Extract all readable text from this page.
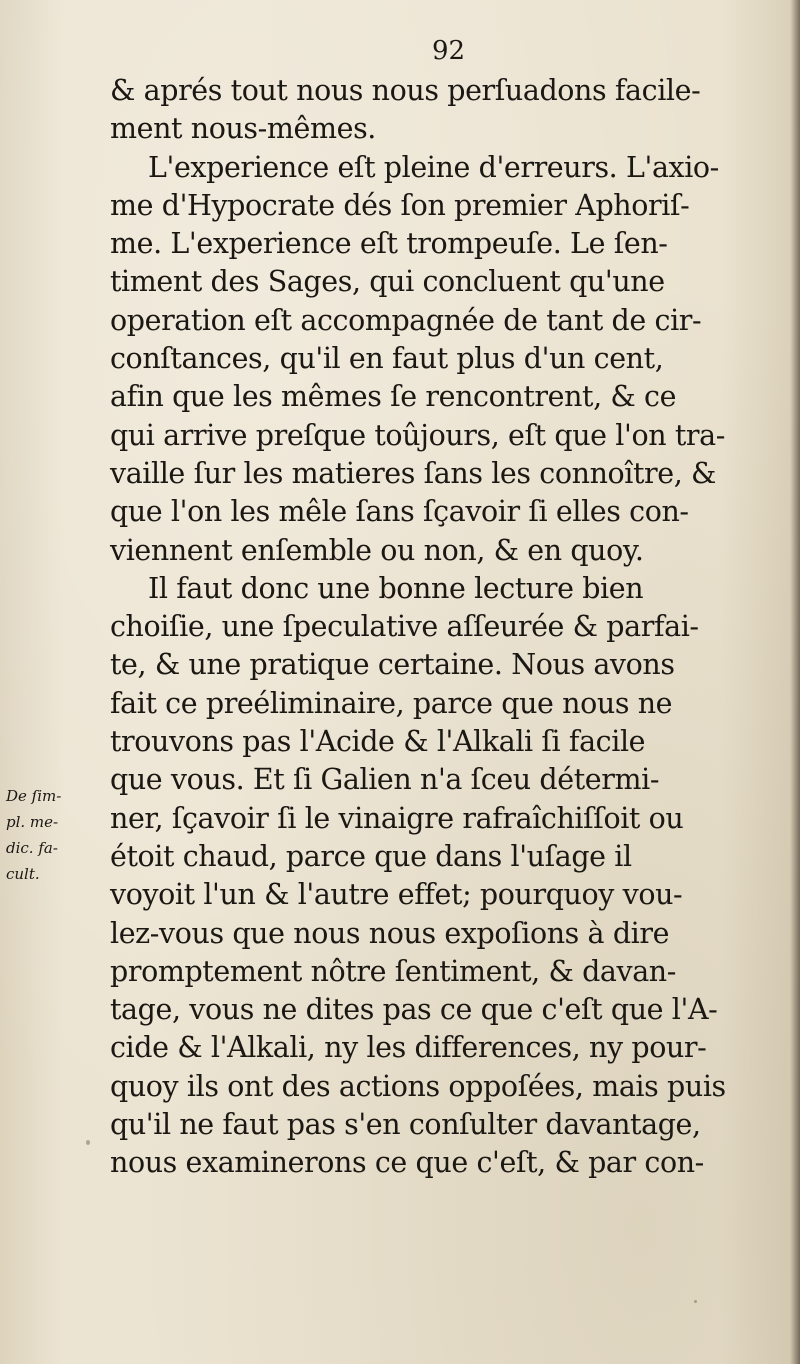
92
& aprés tout nous nous perſuadons facile-
ment nous-mêmes.
L'experience eſt pleine d'erreurs. L'axio-
me d'Hypocrate dés ſon premier Aphoriſ-
me. L'experience eſt trompeuſe. Le ſen-
timent des Sages, qui concluent qu'une
operation eſt accompagnée de tant de cir-
conſtances, qu'il en faut plus d'un cent,
afin que les mêmes ſe rencontrent, & ce
qui arrive preſque toûjours, eſt que l'on tra-
vaille ſur les matieres ſans les connoître, &
que l'on les mêle ſans ſçavoir ſi elles con-
viennent enſemble ou non, & en quoy.
Il faut donc une bonne lecture bien
choiſie, une ſpeculative aſſeurée & parfai-
te, & une pratique certaine. Nous avons
fait ce preéliminaire, parce que nous ne
trouvons pas l'Acide & l'Alkali ſi facile
que vous. Et ſi Galien n'a ſceu détermi-
ner, ſçavoir ſi le vinaigre rafraîchiſſoit ou
étoit chaud, parce que dans l'uſage il
voyoit l'un & l'autre effet; pourquoy vou-
lez-vous que nous nous expoſions à dire
promptement nôtre ſentiment, & davan-
tage, vous ne dites pas ce que c'eſt que l'A-
cide & l'Alkali, ny les differences, ny pour-
quoy ils ont des actions oppoſées, mais puis
qu'il ne faut pas s'en conſulter davantage,
nous examinerons ce que c'eſt, & par con-
De ſim-
pl. me-
dic. fa-
cult.
